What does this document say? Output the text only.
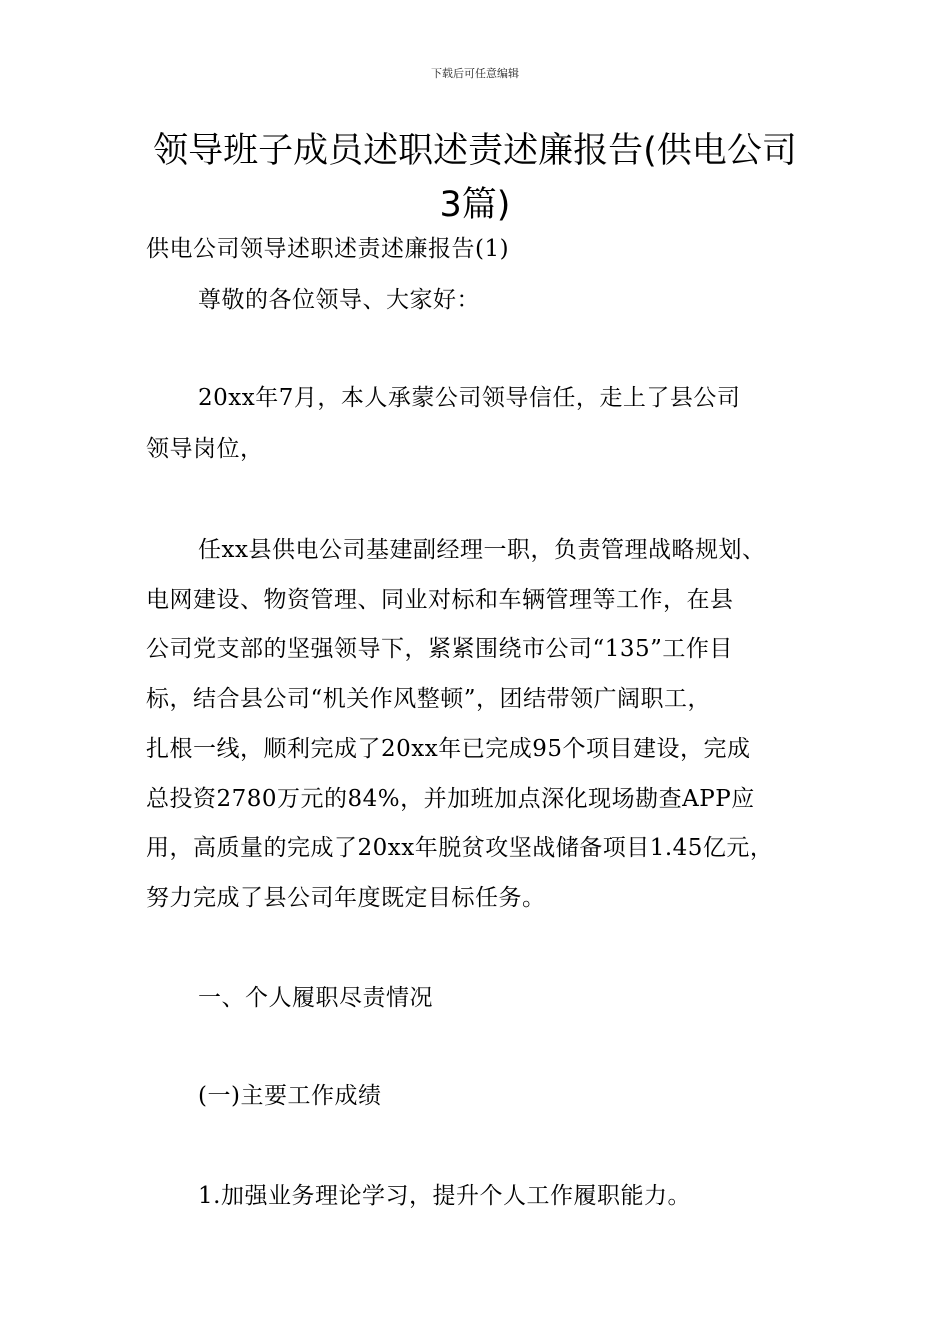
下载后可任意编辑
领导班子成员述职述责述廉报告(供电公司
3篇)
供电公司领导述职述责述廉报告(1)
尊敬的各位领导、大家好：
20xx年7月，本人承蒙公司领导信任，走上了县公司
领导岗位，
任xx县供电公司基建副经理一职，负责管理战略规划、
电网建设、物资管理、同业对标和车辆管理等工作，在县
公司党支部的坚强领导下，紧紧围绕市公司“135”工作目
标，结合县公司“机关作风整顿”，团结带领广阔职工，
扎根一线，顺利完成了20xx年已完成95个项目建设，完成
总投资2780万元的84%，并加班加点深化现场勘查APP应
用，高质量的完成了20xx年脱贫攻坚战储备项目1.45亿元，
努力完成了县公司年度既定目标任务。
一、个人履职尽责情况
(一)主要工作成绩
1.加强业务理论学习，提升个人工作履职能力。
